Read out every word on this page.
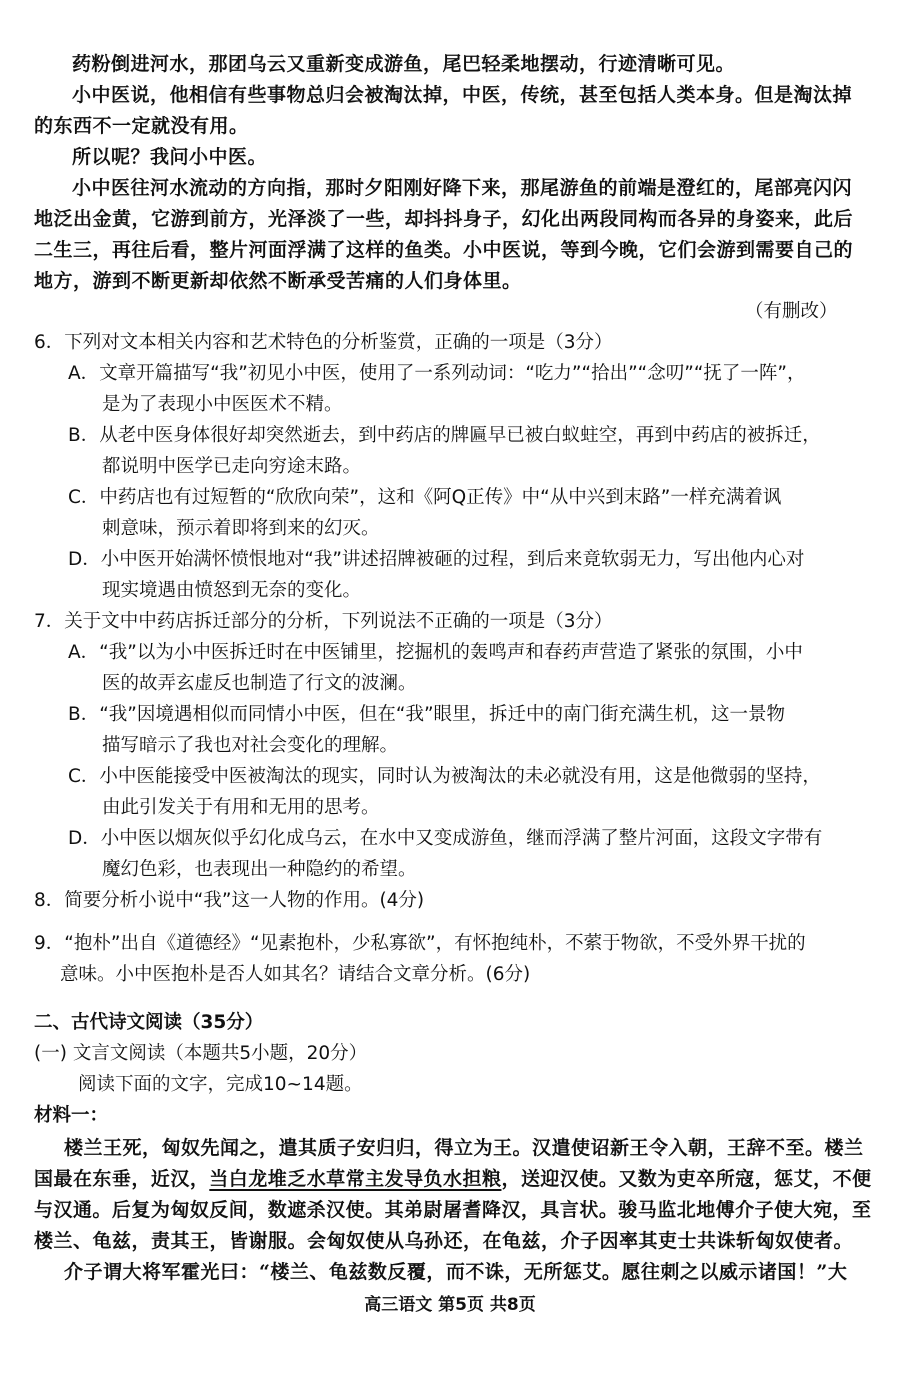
药粉倒进河水，那团乌云又重新变成游鱼，尾巴轻柔地摆动，行迹清晰可见。
小中医说，他相信有些事物总归会被淘汰掉，中医，传统，甚至包括人类本身。但是淘汰掉
的东西不一定就没有用。
所以呢？我问小中医。
小中医往河水流动的方向指，那时夕阳刚好降下来，那尾游鱼的前端是澄红的，尾部亮闪闪
地泛出金黄，它游到前方，光泽淡了一些，却抖抖身子，幻化出两段同构而各异的身姿来，此后
二生三，再往后看，整片河面浮满了这样的鱼类。小中医说，等到今晚，它们会游到需要自己的
地方，游到不断更新却依然不断承受苦痛的人们身体里。
（有删改）
6．下列对文本相关内容和艺术特色的分析鉴赏，正确的一项是（3分）
A．文章开篇描写“我”初见小中医，使用了一系列动词：“吃力”“拾出”“念叨”“抚了一阵”，
是为了表现小中医医术不精。
B．从老中医身体很好却突然逝去，到中药店的牌匾早已被白蚁蛀空，再到中药店的被拆迁，
都说明中医学已走向穷途末路。
C．中药店也有过短暂的“欣欣向荣”，这和《阿Q正传》中“从中兴到末路”一样充满着讽
刺意味，预示着即将到来的幻灭。
D．小中医开始满怀愤恨地对“我”讲述招牌被砸的过程，到后来竟软弱无力，写出他内心对
现实境遇由愤怒到无奈的变化。
7．关于文中中药店拆迁部分的分析，下列说法不正确的一项是（3分）
A．“我”以为小中医拆迁时在中医铺里，挖掘机的轰鸣声和春药声营造了紧张的氛围，小中
医的故弄玄虚反也制造了行文的波澜。
B．“我”因境遇相似而同情小中医，但在“我”眼里，拆迁中的南门街充满生机，这一景物
描写暗示了我也对社会变化的理解。
C．小中医能接受中医被淘汰的现实，同时认为被淘汰的未必就没有用，这是他微弱的坚持，
由此引发关于有用和无用的思考。
D．小中医以烟灰似乎幻化成乌云，在水中又变成游鱼，继而浮满了整片河面，这段文字带有
魔幻色彩，也表现出一种隐约的希望。
8．简要分析小说中“我”这一人物的作用。(4分)
9．“抱朴”出自《道德经》“见素抱朴，少私寡欲”，有怀抱纯朴，不萦于物欲，不受外界干扰的
意味。小中医抱朴是否人如其名？请结合文章分析。(6分)
二、古代诗文阅读（35分）
(一) 文言文阅读（本题共5小题，20分）
阅读下面的文字，完成10~14题。
材料一：
楼兰王死，匈奴先闻之，遣其质子安归归，得立为王。汉遣使诏新王令入朝，王辞不至。楼兰
国最在东垂，近汉，当白龙堆乏水草常主发导负水担粮，送迎汉使。又数为吏卒所寇，惩艾，不便
与汉通。后复为匈奴反间，数遮杀汉使。其弟尉屠耆降汉，具言状。骏马监北地傅介子使大宛，至
楼兰、龟兹，责其王，皆谢服。会匈奴使从乌孙还，在龟兹，介子因率其吏士共诛斩匈奴使者。
介子谓大将军霍光曰：“楼兰、龟兹数反覆，而不诛，无所惩艾。愿往刺之以威示诸国！”大
高三语文 第5页 共8页
